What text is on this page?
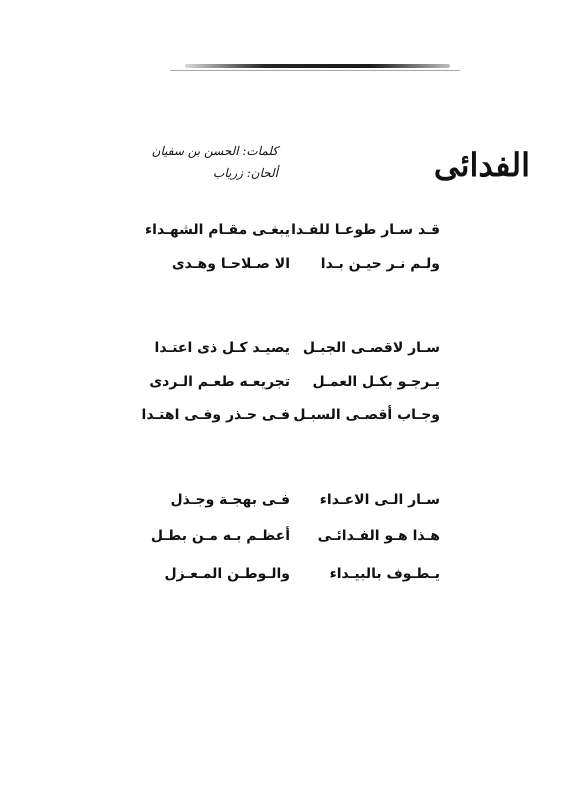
الفدائى
كلمات: الحسن بن سفيان
ألحان: زرياب
قـد سـار طوعـا للفـدا
يبغـى مقـام الشهـداء
ولـم نـر حيـن بـدا
الا صـلاحـا وهـدى
سـار لاقصـى الجبـل
يصيـد كـل ذى اعتـدا
يـرجـو بكـل العمـل
تجريعـه طعـم الـردى
وجـاب أقصـى السبـل
فـى حـذر وفـى اهتـدا
سـار الـى الاعـداء
فـى بهجـة وجـذل
هـذا هـو الفـدائـى
أعظـم بـه مـن بطـل
يـطـوف بالبيـداء
والـوطـن المـعـزل
